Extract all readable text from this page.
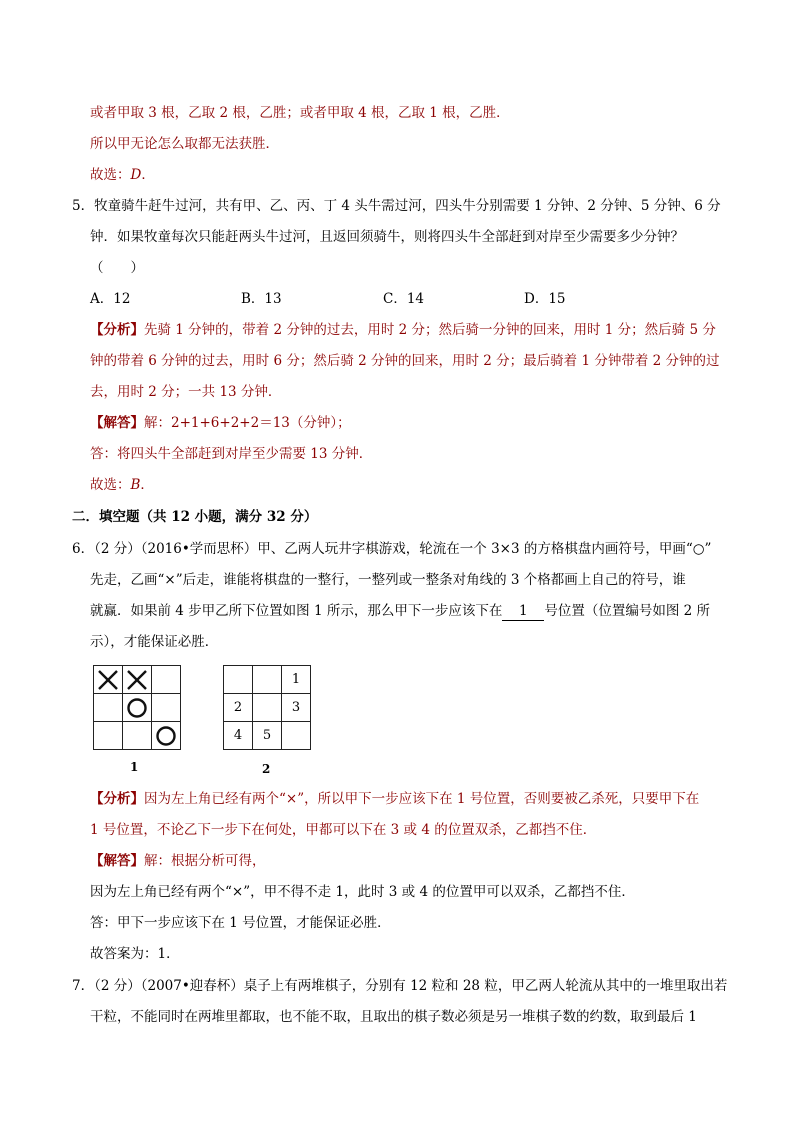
或者甲取 3 根，乙取 2 根，乙胜；或者甲取 4 根，乙取 1 根，乙胜．
所以甲无论怎么取都无法获胜．
故选：D．
5．牧童骑牛赶牛过河，共有甲、乙、丙、丁 4 头牛需过河，四头牛分别需要 1 分钟、2 分钟、5 分钟、6 分
钟．如果牧童每次只能赶两头牛过河，且返回须骑牛，则将四头牛全部赶到对岸至少需要多少分钟？
（　　）
A．12	B．13	C．14	D．15
【分析】先骑 1 分钟的，带着 2 分钟的过去，用时 2 分；然后骑一分钟的回来，用时 1 分；然后骑 5 分
钟的带着 6 分钟的过去，用时 6 分；然后骑 2 分钟的回来，用时 2 分；最后骑着 1 分钟带着 2 分钟的过
去，用时 2 分；一共 13 分钟．
【解答】解：2+1+6+2+2＝13（分钟）；
答：将四头牛全部赶到对岸至少需要 13 分钟．
故选：B．
二．填空题（共 12 小题，满分 32 分）
6．（2 分）（2016•学而思杯）甲、乙两人玩井字棋游戏，轮流在一个 3×3 的方格棋盘内画符号，甲画“○”
先走，乙画“×”后走，谁能将棋盘的一整行，一整列或一整条对角线的 3 个格都画上自己的符号，谁
就赢．如果前 4 步甲乙所下位置如图 1 所示，那么甲下一步应该下在 1 号位置（位置编号如图 2 所
示），才能保证必胜．

1
		1
2		3
4	5	
2
【分析】因为左上角已经有两个“×”，所以甲下一步应该下在 1 号位置，否则要被乙杀死，只要甲下在
1 号位置，不论乙下一步下在何处，甲都可以下在 3 或 4 的位置双杀，乙都挡不住．
【解答】解：根据分析可得，
因为左上角已经有两个“×”，甲不得不走 1，此时 3 或 4 的位置甲可以双杀，乙都挡不住．
答：甲下一步应该下在 1 号位置，才能保证必胜．
故答案为：1．
7．（2 分）（2007•迎春杯）桌子上有两堆棋子，分别有 12 粒和 28 粒，甲乙两人轮流从其中的一堆里取出若
干粒，不能同时在两堆里都取，也不能不取，且取出的棋子数必须是另一堆棋子数的约数，取到最后 1
